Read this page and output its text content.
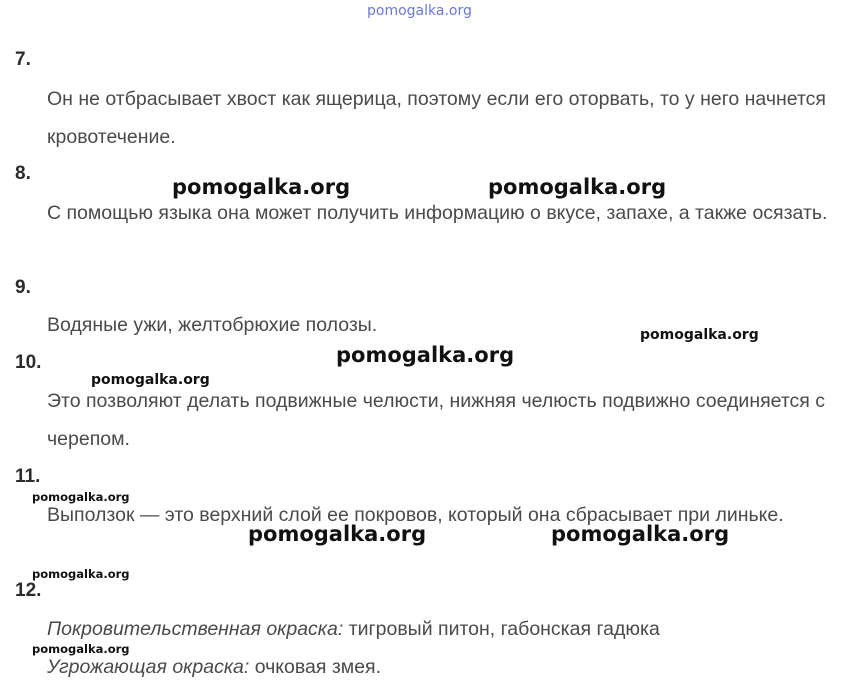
pomogalka.org
7.

Он не отбрасывает хвост как ящерица, поэтому если его оторвать, то у него начнется кровотечение.

8.

С помощью языка она может получить информацию о вкусе, запахе, а также осязать.

9.

Водяные ужи, желтобрюхие полозы.

10.

Это позволяют делать подвижные челюсти, нижняя челюсть подвижно соединяется с черепом.

11.

Выползок — это верхний слой ее покровов, который она сбрасывает при линьке.

12.

Покровительственная окраска: тигровый питон, габонская гадюка

Угрожающая окраска: очковая змея.

pomogalka.org	pomogalka.org
pomogalka.org
pomogalka.org
pomogalka.org
pomogalka.org
pomogalka.org	pomogalka.org
pomogalka.org
pomogalka.org
